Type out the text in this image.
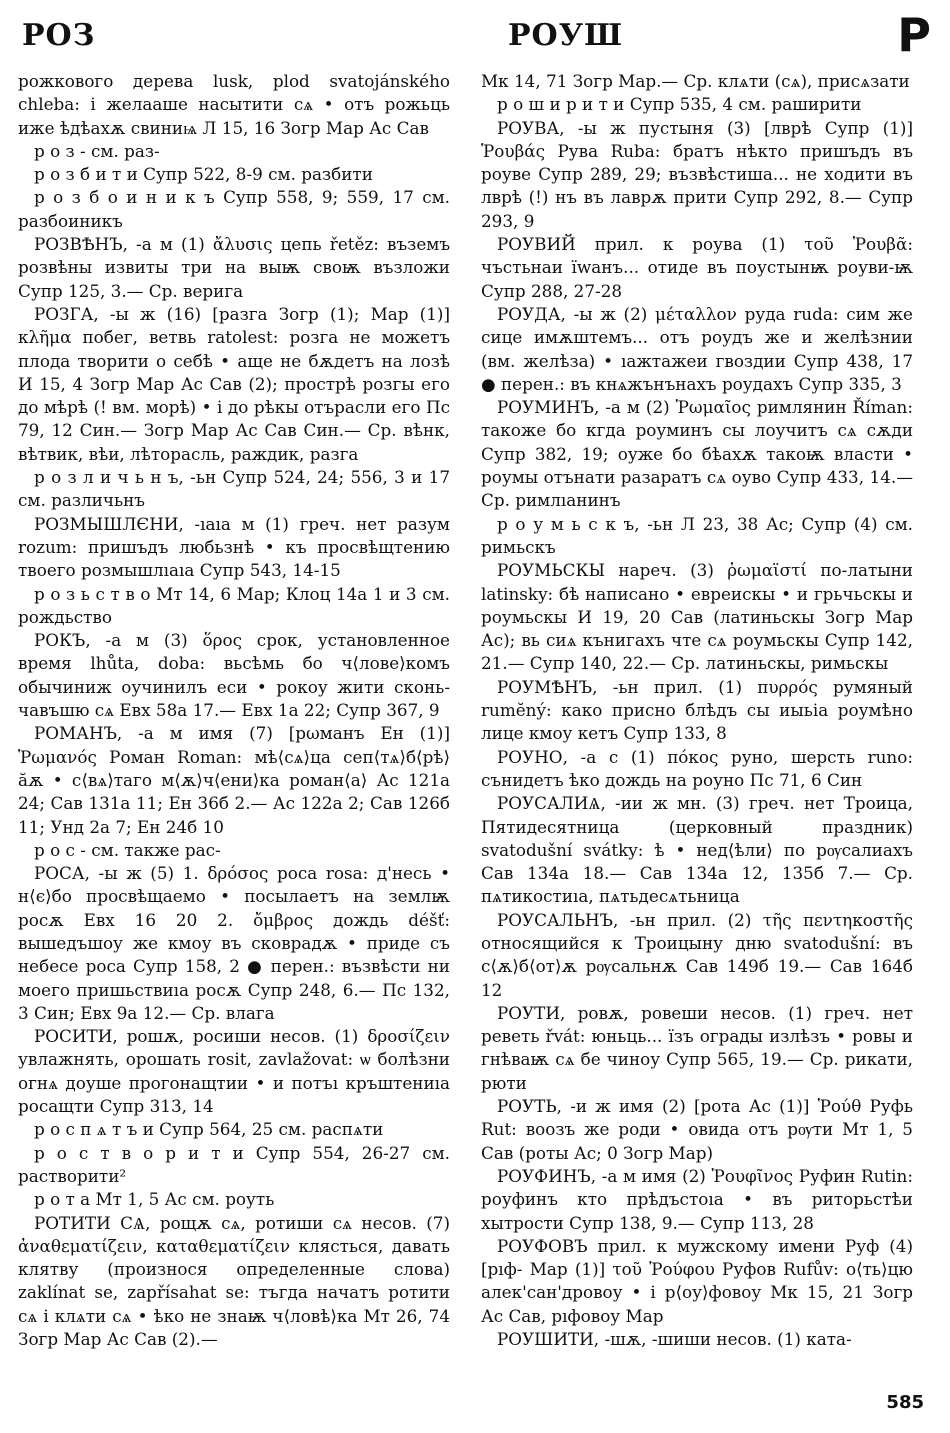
РОЗ	РОУШ	Р

рожкового дерева lusk, plod svatojánského chleba: і желааше насытити сѧ • отъ рожьць иже ѣдѣахѫ свиниѩ Л 15, 16 Зогр Мар Ас Сав

р о з - см. раз-

р о з б и т и Супр 522, 8-9 см. разбити

р о з б о и н и к ъ Супр 558, 9; 559, 17 см. разбоиникъ

РОЗВѢНЪ, -а м (1) ἄλυσις цепь řetěz: въземъ розвѣны извиты три на выѭ своѭ възложи Супр 125, 3.— Ср. верига

РОЗГА, -ы ж (16) [разга Зогр (1); Мар (1)] κλῆμα побег, ветвь ratolest: розга не можетъ плода творити о себѣ • аще не бѫдетъ на лозѣ И 15, 4 Зогр Мар Ас Сав (2); прострѣ розгы его до мѣрѣ (! вм. морѣ) • і до рѣкы отърасли его Пс 79, 12 Син.— Зогр Мар Ас Сав Син.— Ср. вѣнк, вѣтвик, вѣи, лѣторасль, раждик, разга

р о з л и ч ь н ъ, -ьн Супр 524, 24; 556, 3 и 17 см. различьнъ

РОЗМЫШЛЄНИ, -ıаıа м (1) греч. нет разум rozum: пришъдъ любьзнѣ • къ просвѣщтению твоего розмышлıаıа Супр 543, 14-15

р о з ь с т в о Мт 14, 6 Мар; Клоц 14а 1 и 3 см. рождьство

РОКЪ, -а м (3) ὅρος срок, установленное время lhůta, doba: вьсѣмь бо ч⟨лове⟩комъ обычиниж оучинилъ еси • рокоу жити сконь-чавъшю сѧ Евх 58а 17.— Евх 1а 22; Супр 367, 9

РОМАНЪ, -а м имя (7) [рωманъ Ен (1)] Ῥωμανός Роман Roman: мѣ⟨сѧ⟩ца сеп⟨тѧ⟩б⟨рѣ⟩ ӑѫ • с⟨вѧ⟩таго м⟨ѫ⟩ч⟨ени⟩ка роман⟨а⟩ Ас 121а 24; Сав 131а 11; Ен 36б 2.— Ас 122а 2; Сав 126б 11; Унд 2а 7; Ен 24б 10

р о с - см. также рас-

РОСА, -ы ж (5) 1. δρόσος роса rosa: д'несь • н⟨є⟩бо просвѣщаемо • посылаетъ на землѭ росѫ Евх 16 20 2. ὄμβρος дождь déšť: вышедъшоу же кмоу въ сковрадѫ • приде съ небесе роса Супр 158, 2 ● перен.: възвѣсти ни моего пришьствиıа росѫ Супр 248, 6.— Пс 132, 3 Син; Евх 9а 12.— Ср. влага

РОСИТИ, рошѫ, росиши несов. (1) δροσίζειν увлажнять, орошать rosit, zavlažovat: ѡ болѣзни огнѧ доуше прогонащтии • и потъı кръштениıа росащти Супр 313, 14

р о с п ѧ т ъ и Супр 564, 25 см. распѧти

р о с т в о р и т и Супр 554, 26-27 см. растворити²

р о т а Мт 1, 5 Ас см. роуть

РОТИТИ СѦ, рощѫ сѧ, ротиши сѧ несов. (7) ἀναθεματίζειν, καταθεματίζειν клясться, давать клятву (произнося определенные слова) zaklínat se, zapřísahat se: тъгда начатъ ротити сѧ і клѧти сѧ • ѣко не знаѭ ч⟨ловѣ⟩ка Мт 26, 74 Зогр Мар Ас Сав (2).—

Мк 14, 71 Зогр Мар.— Ср. клѧти (сѧ), присѧзати

р о ш и р и т и Супр 535, 4 см. раширити

РОУВА, -ы ж пустыня (3) [лврѣ Супр (1)] Ῥουβάς Рува Ruba: братъ нѣкто пришъдъ въ роуве Супр 289, 29; възвѣстиша... не ходити въ лврѣ (!) нъ въ лаврѫ прити Супр 292, 8.— Супр 293, 9

РОУВИЙ прил. к роува (1) τοῦ Ῥουβᾶ: чъстьнаи ïwанъ... отиде въ поустынѭ роуви-ѭ Супр 288, 27-28

РОУДА, -ы ж (2) μέταλλον руда ruda: сим же сице имѫштемъ... отъ роудъ же и желѣзнии (вм. желѣза) • ıажтажеи гвоздии Супр 438, 17 ● перен.: въ кнѧжънънахъ роудахъ Супр 335, 3

РОУМИНЪ, -а м (2) Ῥωμαῖος римлянин Říman: такоже бо кгда роуминъ сы лоучитъ сѧ сѫди Супр 382, 19; оуже бо бѣахѫ такоѭ власти • роумы отънати разаратъ сѧ оуво Супр 433, 14.— Ср. римлıанинъ

р о у м ь с к ъ, -ьн Л 23, 38 Ас; Супр (4) см. римьскъ

РОУМЬСКЫ нареч. (3) ῥωμαϊστί по-латыни latinsky: бѣ написано • евреискы • и грьчьскы и роумьскы И 19, 20 Сав (латиньскы Зогр Мар Ас); вь сиѧ кънигахъ чте сѧ роумьскы Супр 142, 21.— Супр 140, 22.— Ср. латиньскы, римьскы

РОУМѢНЪ, -ьн прил. (1) πυρρός румяный rumĕný: како присно блѣдъ сы иыьіа роумѣно лице кмоу кетъ Супр 133, 8

РОУНО, -а с (1) πόκος руно, шерсть runo: сънидетъ ѣко дождь на роуно Пс 71, 6 Син

РОУСАЛИѦ, -ии ж мн. (3) греч. нет Троица, Пятидесятница (церковный праздник) svatodušní svátky: ѣ • нед⟨ѣли⟩ по рѹсалиахъ Сав 134а 18.— Сав 134а 12, 135б 7.— Ср. пѧтикостиıа, пѧтьдесѧтьница

РОУСАЛЬНЪ, -ьн прил. (2) τῆς πεντηκοστῆς относящийся к Троицыну дню svatodušní: въ с⟨ѫ⟩б⟨от⟩ѫ рѹсальнѫ Сав 149б 19.— Сав 164б 12

РОУТИ, ровѫ, ровеши несов. (1) греч. нет реветь řvát: юньць... їзъ ограды излѣзъ • ровы и гнѣваѭ сѧ бе чиноу Супр 565, 19.— Ср. рикати, рюти

РОУТЬ, -и ж имя (2) [рота Ас (1)] Ῥούθ Руфь Rut: воозъ же роди • овида отъ рѹти Мт 1, 5 Сав (роты Ас; 0 Зогр Мар)

РОУФИНЪ, -а м имя (2) Ῥουφῖνος Руфин Rutin: роуфинъ кто прѣдъстоıа • въ риторьстѣи хытрости Супр 138, 9.— Супр 113, 28

РОУФОВЪ прил. к мужскому имени Руф (4) [рıф- Мар (1)] τοῦ Ῥούφου Руфов Rufův: о⟨ть⟩цю алек'сан'дровоу • і р⟨оу⟩фовоу Мк 15, 21 Зогр Ас Сав, рıфовоу Мар

РОУШИТИ, -шѫ, -шиши несов. (1) ката-

585
